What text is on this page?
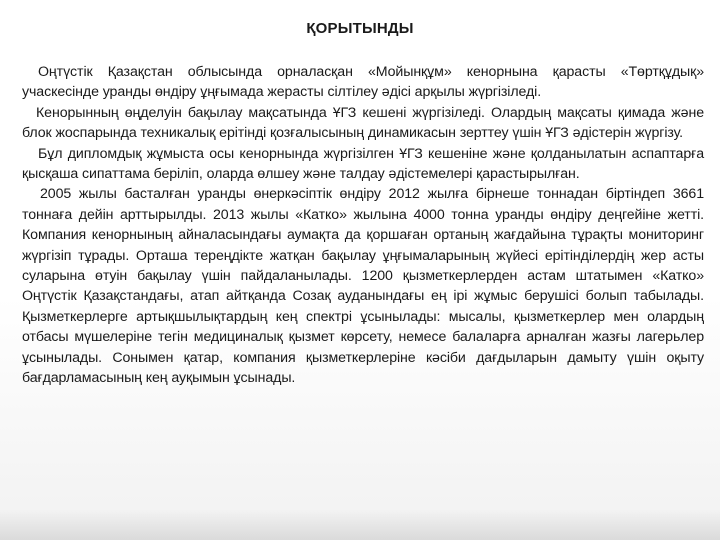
ҚОРЫТЫНДЫ

Оңтүстік Қазақстан облысында орналасқан «Мойынқұм» кенорнына қарасты «Төртқұдық» учаскесінде уранды өндіру ұңғымада жерасты сілтілеу әдісі арқылы жүргізіледі.

Кенорынның өңделуін бақылау мақсатында ҰГЗ кешені жүргізіледі. Олардың мақсаты қимада және блок жоспарында техникалық ерітінді қозғалысының динамикасын зерттеу үшін ҰГЗ әдістерін жүргізу.

Бұл дипломдық жұмыста осы кенорнында жүргізілген ҰГЗ кешеніне және қолданылатын аспаптарға қысқаша сипаттама беріліп, оларда өлшеу және талдау әдістемелері қарастырылған.

2005 жылы басталған уранды өнеркәсіптік өндіру 2012 жылға бірнеше тоннадан біртіндеп 3661 тоннаға дейін арттырылды. 2013 жылы «Катко» жылына 4000 тонна уранды өндіру деңгейіне жетті. Компания кенорнының айналасындағы аумақта да қоршаған ортаның жағдайына тұрақты мониторинг жүргізіп тұрады. Орташа тереңдікте жатқан бақылау ұңғымаларының жүйесі ерітінділердің жер асты суларына өтуін бақылау үшін пайдаланылады. 1200 қызметкерлерден астам штатымен «Катко» Оңтүстік Қазақстандағы, атап айтқанда Созақ ауданындағы ең ірі жұмыс берушісі болып табылады. Қызметкерлерге артықшылықтардың кең спектрі ұсынылады: мысалы, қызметкерлер мен олардың отбасы мүшелеріне тегін медициналық қызмет көрсету, немесе балаларға арналған жазғы лагерьлер ұсынылады. Сонымен қатар, компания қызметкерлеріне кәсіби дағдыларын дамыту үшін оқыту бағдарламасының кең ауқымын ұсынады.
